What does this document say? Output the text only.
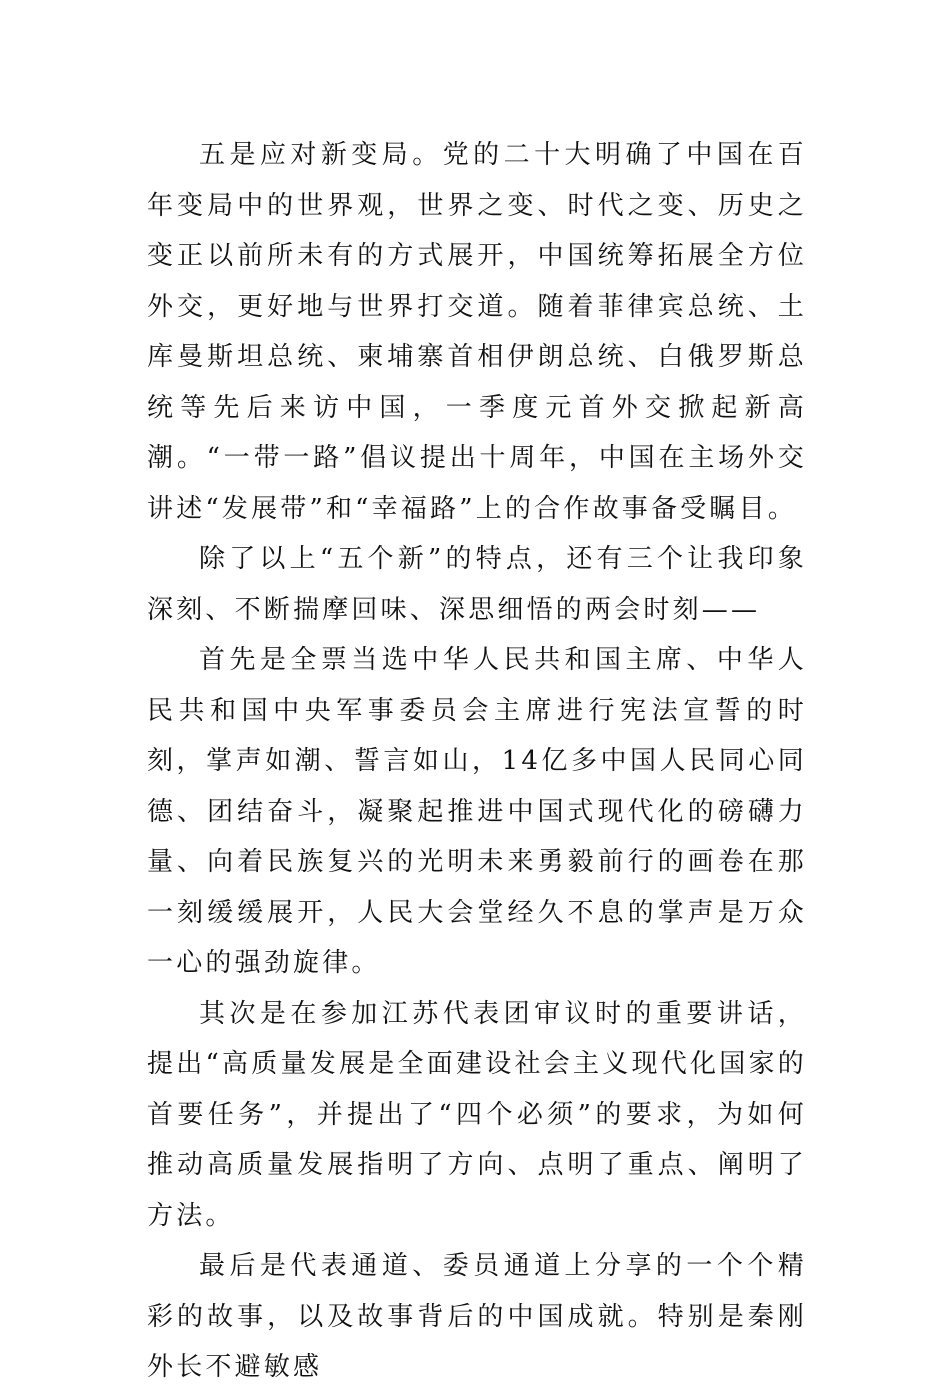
五是应对新变局。党的二十大明确了中国在百年变局中的世界观，世界之变、时代之变、历史之变正以前所未有的方式展开，中国统筹拓展全方位外交，更好地与世界打交道。随着菲律宾总统、土库曼斯坦总统、柬埔寨首相伊朗总统、白俄罗斯总统等先后来访中国，一季度元首外交掀起新高潮。“一带一路”倡议提出十周年，中国在主场外交讲述“发展带”和“幸福路”上的合作故事备受瞩目。

除了以上“五个新”的特点，还有三个让我印象深刻、不断揣摩回味、深思细悟的两会时刻——

首先是全票当选中华人民共和国主席、中华人民共和国中央军事委员会主席进行宪法宣誓的时刻，掌声如潮、誓言如山，14亿多中国人民同心同德、团结奋斗，凝聚起推进中国式现代化的磅礴力量、向着民族复兴的光明未来勇毅前行的画卷在那一刻缓缓展开，人民大会堂经久不息的掌声是万众一心的强劲旋律。

其次是在参加江苏代表团审议时的重要讲话，提出“高质量发展是全面建设社会主义现代化国家的首要任务”，并提出了“四个必须”的要求，为如何推动高质量发展指明了方向、点明了重点、阐明了方法。

最后是代表通道、委员通道上分享的一个个精彩的故事，以及故事背后的中国成就。特别是秦刚外长不避敏感
